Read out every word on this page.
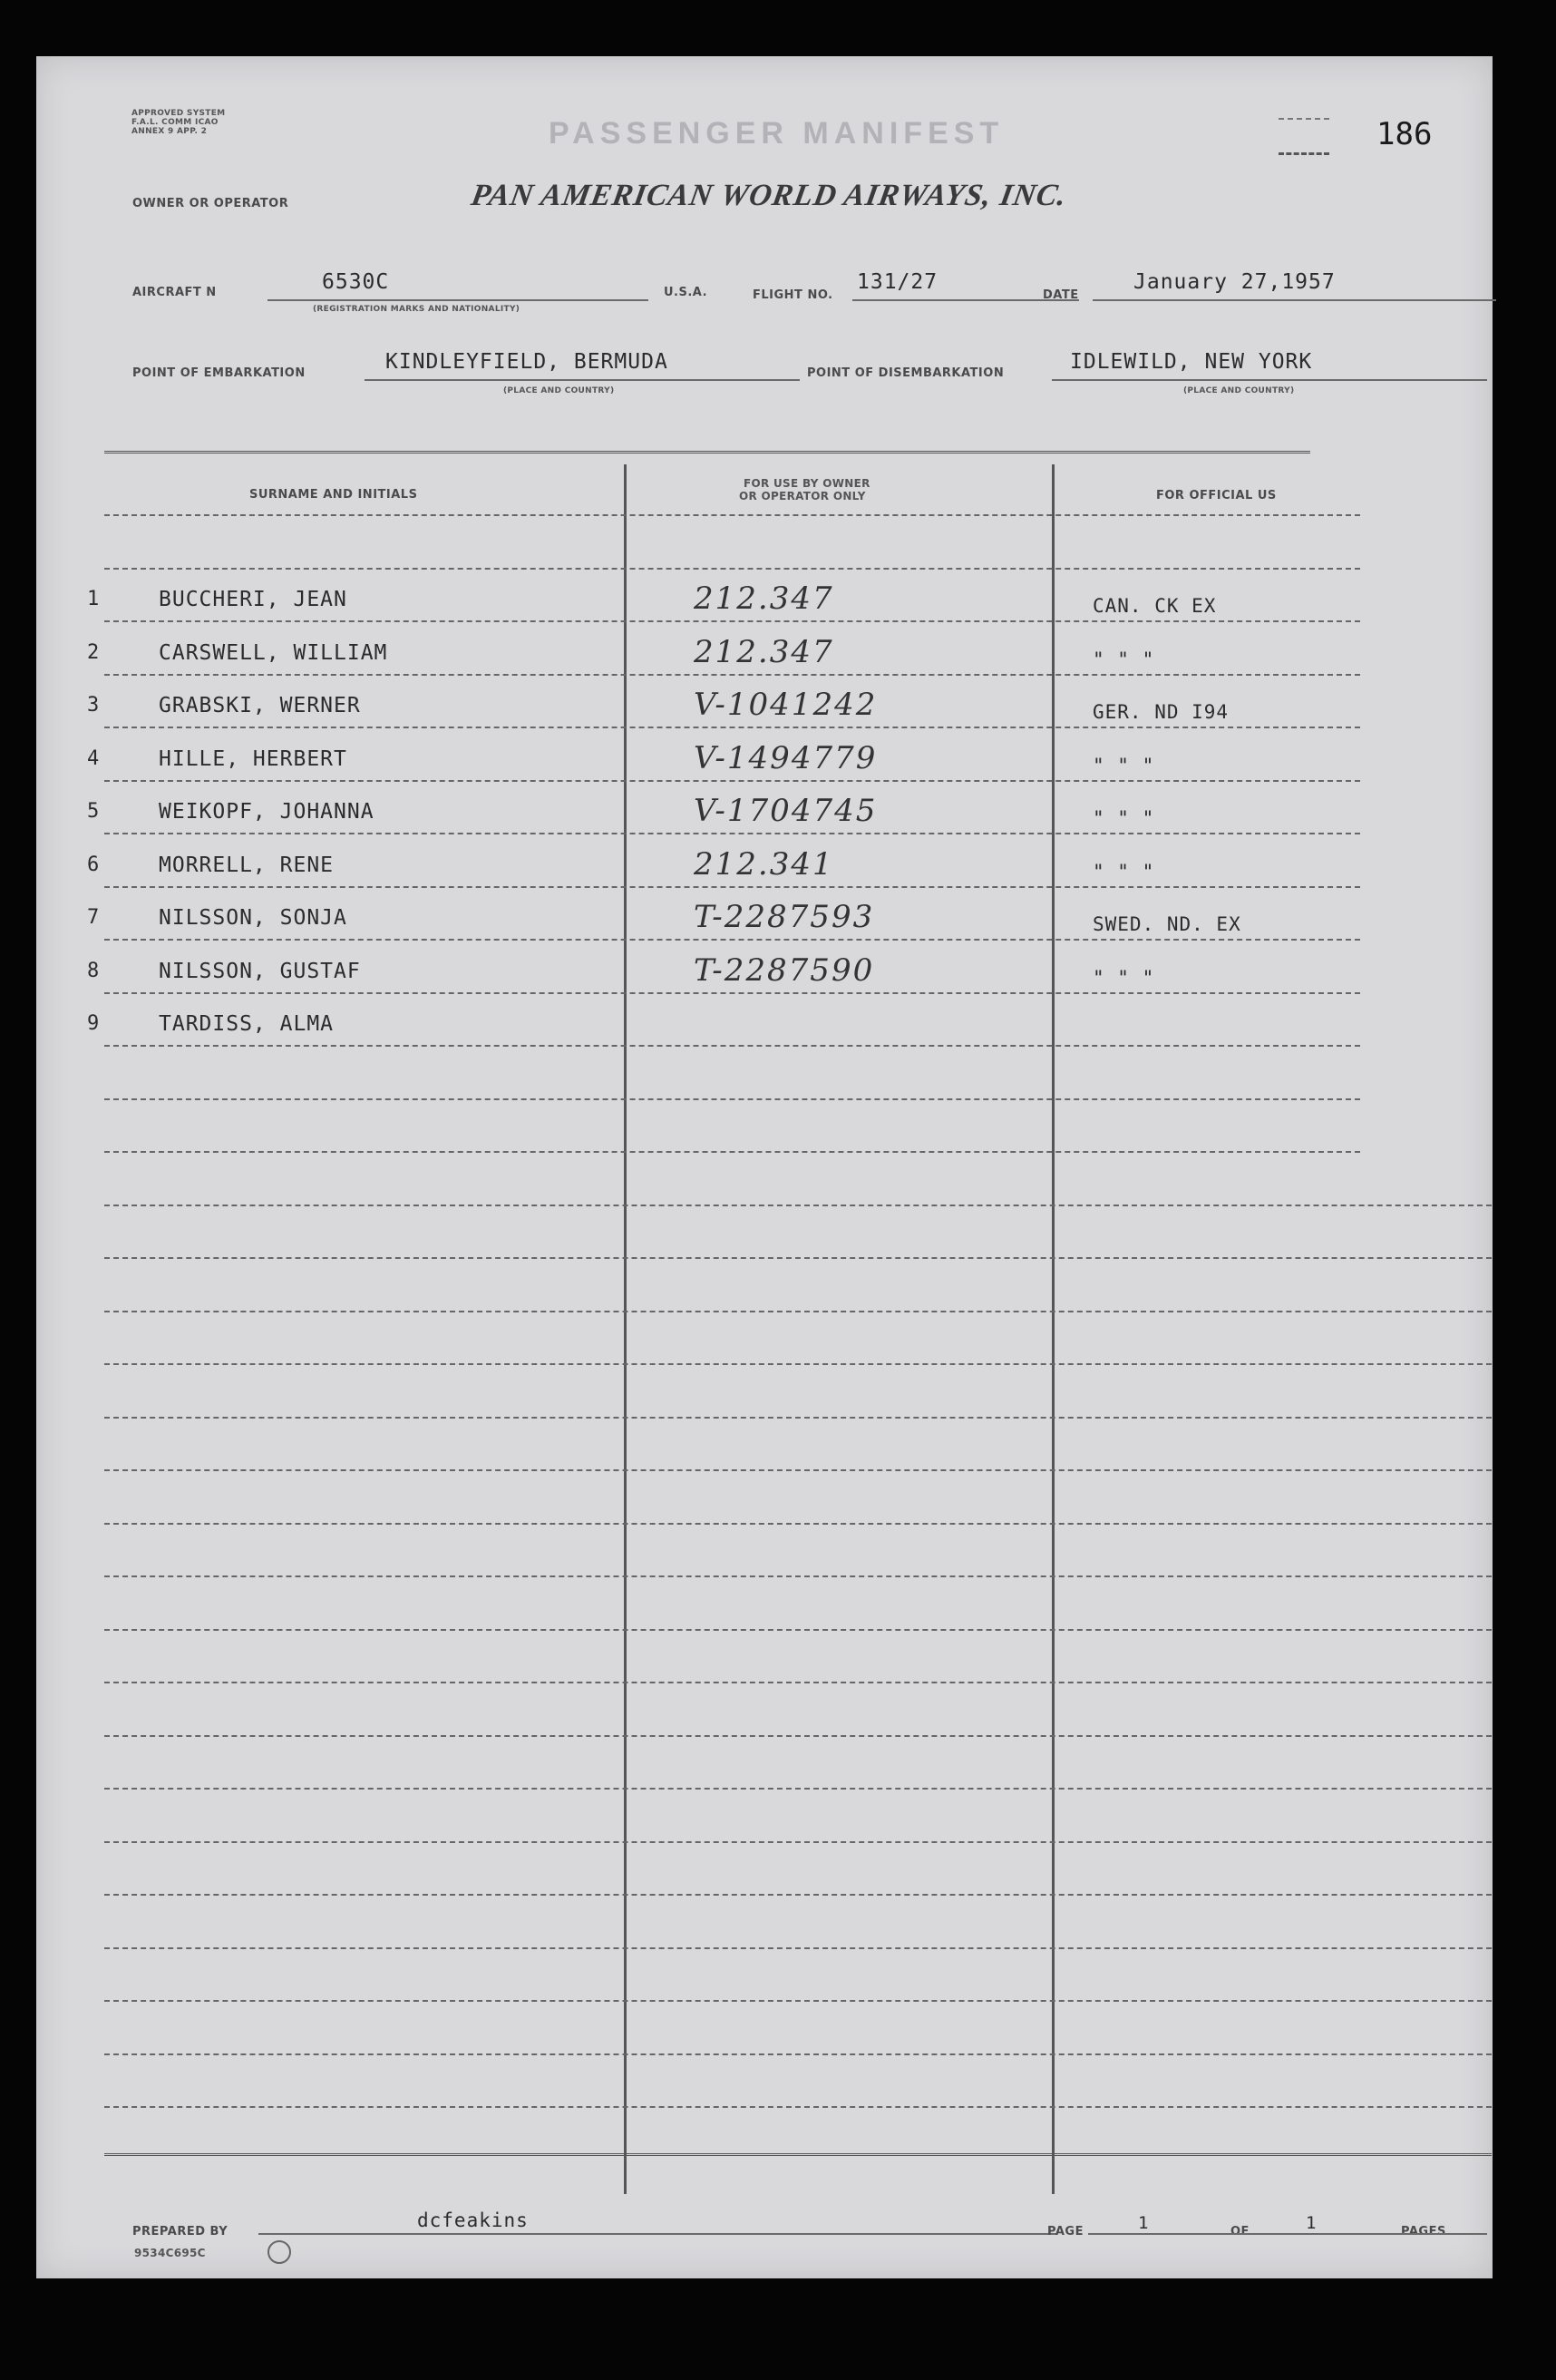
APPROVED SYSTEM F.A.L. COMM ICAO ANNEX 9 APP. 2	PASSENGER MANIFEST	186
OWNER OR OPERATOR	PAN AMERICAN WORLD AIRWAYS, INC.
AIRCRAFT N	6530C
(REGISTRATION MARKS AND NATIONALITY)
U.S.A.	FLIGHT NO.
131/27
DATE
January 27,1957
POINT OF EMBARKATION	KINDLEYFIELD, BERMUDA
(PLACE AND COUNTRY)
POINT OF DISEMBARKATION	IDLEWILD, NEW YORK
(PLACE AND COUNTRY)
SURNAME AND INITIALS
FOR USE BY OWNER
OR OPERATOR ONLY	FOR OFFICIAL US
1	BUCCHERI, JEAN	212.347	CAN. CK EX
2	CARSWELL, WILLIAM	212.347	" " "
3	GRABSKI, WERNER	V-1041242	GER. ND I94
4	HILLE, HERBERT	V-1494779	" " "
5	WEIKOPF, JOHANNA	V-1704745	" " "
6	MORRELL, RENE	212.341	" " "
7	NILSSON, SONJA	T-2287593	SWED. ND. EX
8	NILSSON, GUSTAF	T-2287590	" " "
9	TARDISS, ALMA
PREPARED BY
dcfeakins
9534C695C
PAGE	1	OF	1	PAGES
